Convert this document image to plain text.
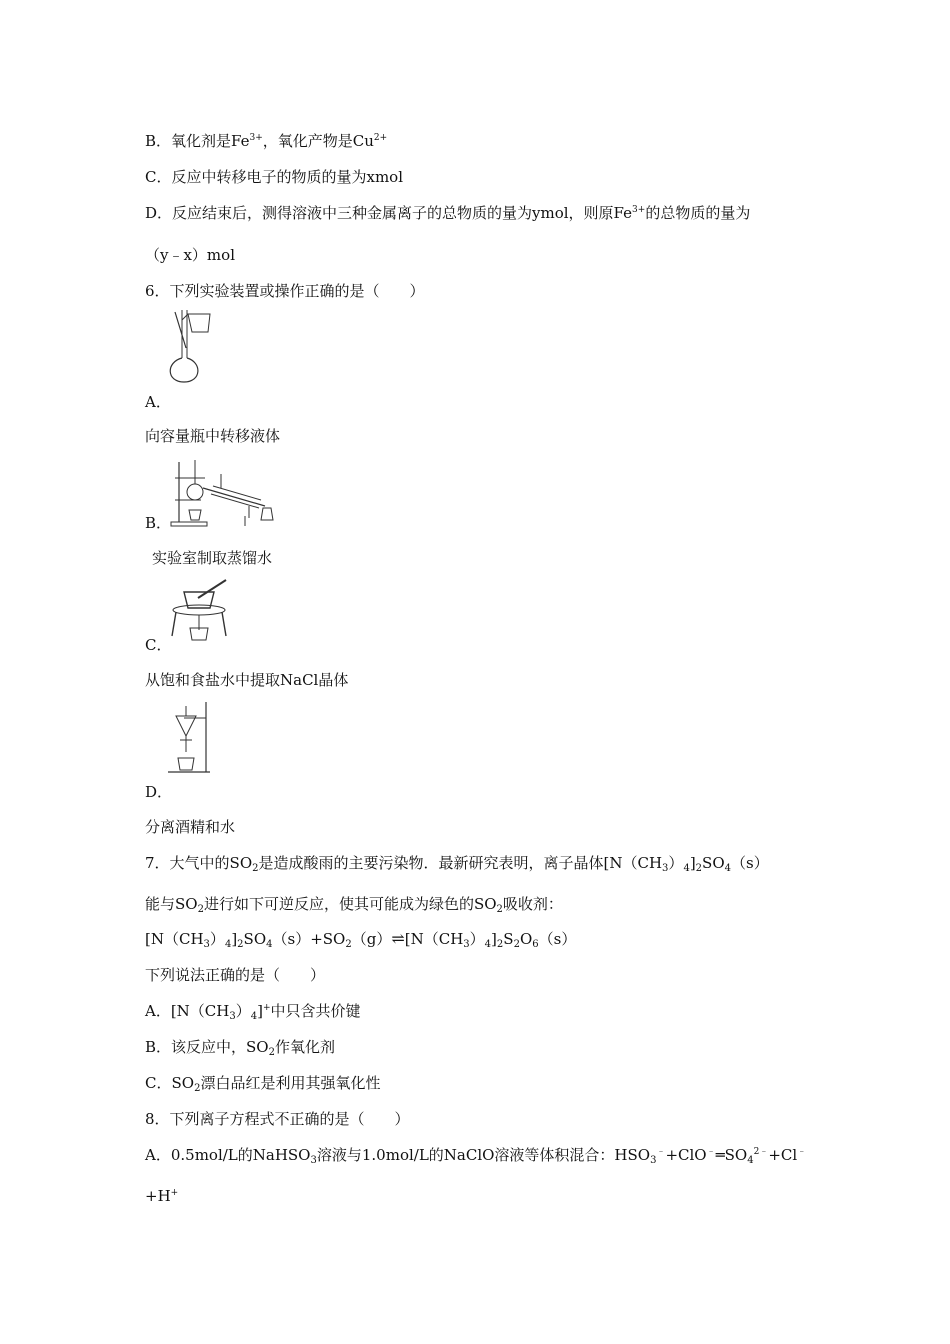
B．氧化剂是$Fe^{3+}$，氧化产物是$Cu^{2+}$
C．反应中转移电子的物质的量为xmol
D．反应结束后，测得溶液中三种金属离子的总物质的量为ymol，则原$Fe^{3+}$的总物质的量为
（y﹣x）mol
6．下列实验装置或操作正确的是（　　）
A．
向容量瓶中转移液体
B．
实验室制取蒸馏水
C．
从饱和食盐水中提取NaCl晶体
D．
分离酒精和水
7．大气中的$SO_2$是造成酸雨的主要污染物．最新研究表明，离子晶体$[N(CH_3)_4]_2SO_4(s)$
能与$SO_2$进行如下可逆反应，使其可能成为绿色的$SO_2$吸收剂：
$[N(CH_3)_4]_2SO_4(s)+SO_2(g)\rightleftharpoons[N(CH_3)_4]_2S_2O_6(s)$
下列说法正确的是（　　）
A．$[N(CH_3)_4]^+$中只含共价键
B．该反应中，$SO_2$作氧化剂
C．$SO_2$漂白品红是利用其强氧化性
8．下列离子方程式不正确的是（　　）
A．0.5mol/L的NaHSO$_3$溶液与1.0mol/L的NaClO溶液等体积混合：$HSO_3^﹣+ClO^﹣═SO_4^{2﹣}+Cl^﹣$
+H+
